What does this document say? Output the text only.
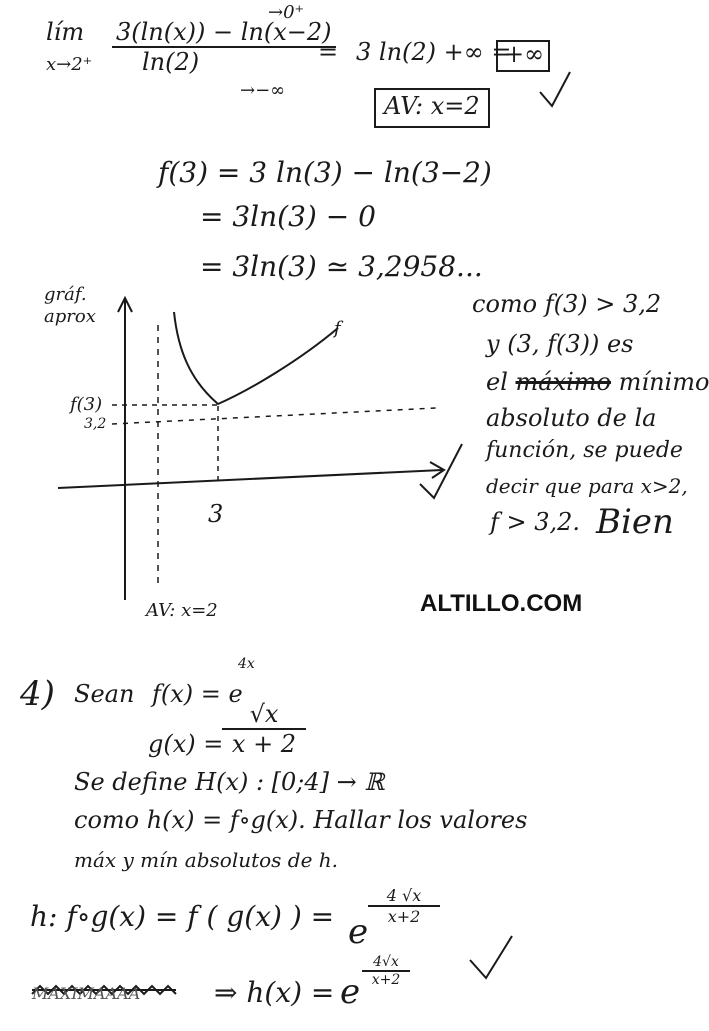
lím
$x\to 2^+ \frac{3(\ln(x)) - \ln(x-2)}{\ln(2)}$
→0⁺
→−∞
= 3 ln(2) +∞ =
+∞
AV: x=2
f(3) = 3 ln(3) − ln(3−2)
= 3ln(3) − 0
= 3ln(3) ≃ 3,2958...
gráf.
aprox
f(3)
3,2
3
f
AV: x=2
como f(3) > 3,2
y (3, f(3)) es
el máximo mínimo
absoluto de la
función, se puede
decir que para x>2,
f > 3,2. Bien
ALTILLO.COM
4) Sean f(x) = e
4x
g(x) =
$\frac{√x}{x + 2}$
Se define H(x) : [0;4] → ℝ
como h(x) = f∘g(x). Hallar los valores
máx y mín absolutos de h.
h: f∘g(x) = f ( g(x) ) = e
$\frac{4 √x}{x+2}$
MAXIMAAAA	⇒ h(x) = e
$\frac{4√x}{x+2}$
